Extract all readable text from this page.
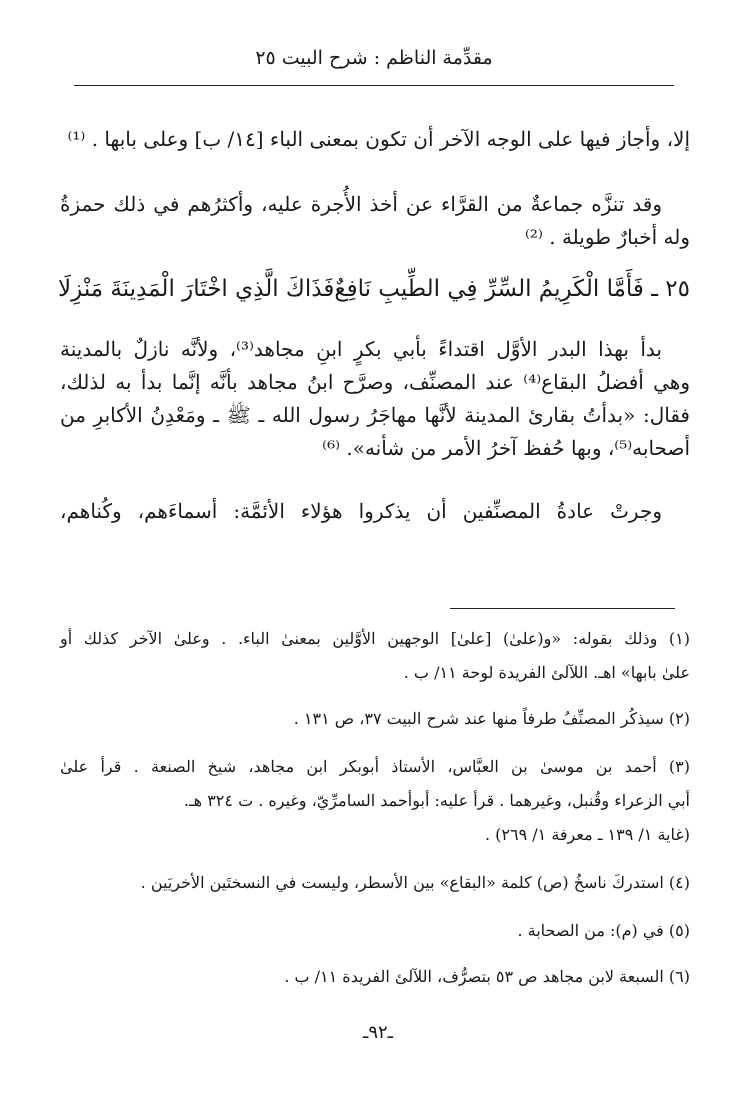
مقدِّمة الناظم : شرح البيت ٢٥
إلا، وأجاز فيها على الوجه الآخر أن تكون بمعنى الباء [١٤/ ب] وعلى بابها . ⁽¹⁾
وقد تنزَّه جماعةٌ من القرَّاء عن أخذ الأُجرة عليه، وأكثرُهم في ذلك حمزةُ
وله أخبارٌ طويلة . ⁽²⁾
٢٥ ـ فَأَمَّا الْكَرِيمُ السِّرِّ فِي الطِّيبِ نَافِعٌ
فَذَاكَ الَّذِي اخْتَارَ الْمَدِينَةَ مَنْزِلَا
بدأ بهذا البدر الأوَّل اقتداءً بأبي بكرٍ ابنِ مجاهد⁽³⁾، ولأنَّه نازلٌ بالمدينة
وهي أفضلُ البقاع⁽⁴⁾ عند المصنِّف، وصرَّح ابنُ مجاهد بأنَّه إنَّما بدأ به لذلك،
فقال: «بدأتُ بقارئ المدينة لأنَّها مهاجَرُ رسول الله ـ ﷺ ـ ومَعْدِنُ الأكابرِ من
أصحابه⁽⁵⁾، وبها حُفظ آخرُ الأمر من شأنه». ⁽⁶⁾
وجرتْ عادةُ المصنِّفين أن يذكروا هؤلاء الأئمَّة: أسماءَهم، وكُناهم،
(١) وذلك بقوله: «و(علىٰ) [علىٰ] الوجهين الأوَّلين بمعنىٰ الباء. . وعلىٰ الآخر كذلك أو
علىٰ بابها» اهـ. اللآلئ الفريدة لوحة ١١/ ب .
(٢) سيذكُر المصنِّفُ طرفاً منها عند شرح البيت ٣٧، ص ١٣١ .
(٣) أحمد بن موسىٰ بن العبَّاس، الأستاذ أبوبكر ابن مجاهد، شيخ الصنعة . قرأ علىٰ
أبي الزعراء وقُنبل، وغيرهما . قرأ عليه: أبوأحمد السامرِّيّ، وغيره . ت ٣٢٤ هـ.
(غاية ١/ ١٣٩ ـ معرفة ١/ ٢٦٩) .
(٤) استدركَ ناسخُ (ص) كلمة «البقاع» بين الأسطر، وليست في النسختَين الأخريَين .
(٥) في (م): من الصحابة .
(٦) السبعة لابن مجاهد ص ٥٣ بتصرُّف، اللآلئ الفريدة ١١/ ب .
ـ٩٢ـ
